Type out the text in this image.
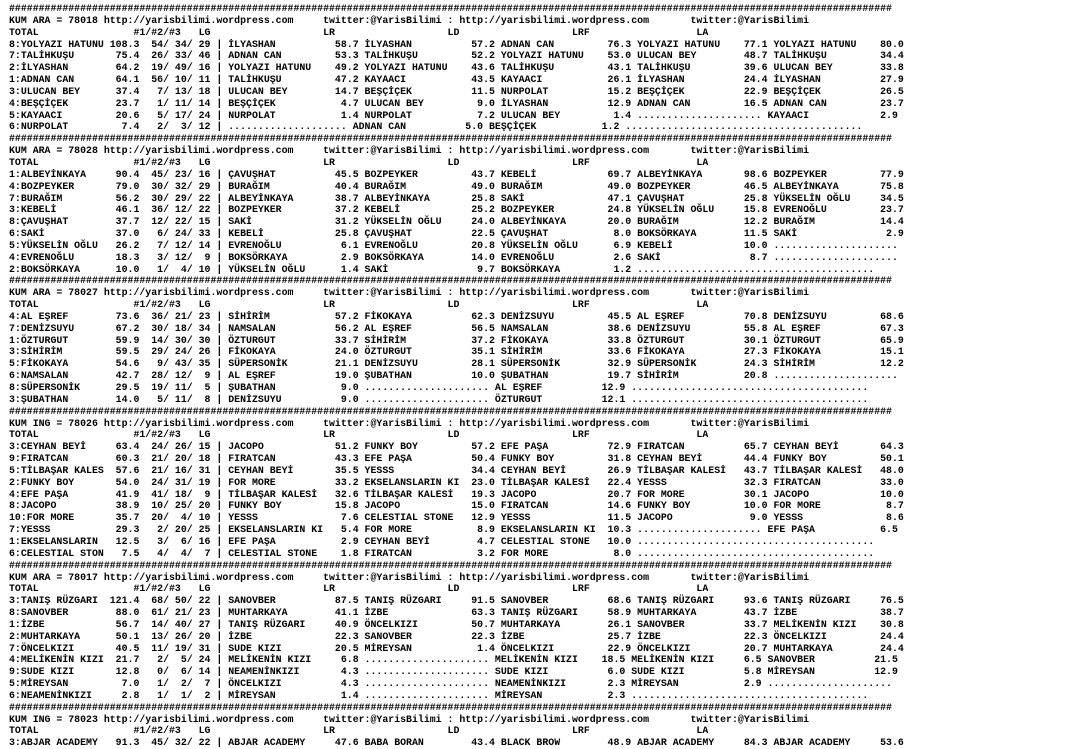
#####################################################################################################################################################
KUM ARA = 78018 http://yarisbilimi.wordpress.com     twitter:@YarisBilimi : http://yarisbilimi.wordpress.com       twitter:@YarisBilimi
TOTAL                #1/#2/#3   LG                   LR                   LD                   LRF                  LA
8:YOLYAZI HATUNU 108.3  54/ 34/ 29 | İLYASHAN          58.7 İLYASHAN          57.2 ADNAN CAN         76.3 YOLYAZI HATUNU    77.1 YOLYAZI HATUNU    80.0
7:TALİHKUŞU       75.4  26/ 33/ 46 | ADNAN CAN         53.3 TALİHKUŞU         52.2 YOLYAZI HATUNU    53.0 ULUCAN BEY        48.7 TALİHKUŞU         34.4
2:İLYASHAN        64.2  19/ 49/ 16 | YOLYAZI HATUNU    49.2 YOLYAZI HATUNU    43.6 TALİHKUŞU         43.1 TALİHKUŞU         39.6 ULUCAN BEY        33.8
1:ADNAN CAN       64.1  56/ 10/ 11 | TALİHKUŞU         47.2 KAYAACI           43.5 KAYAACI           26.1 İLYASHAN          24.4 İLYASHAN          27.9
3:ULUCAN BEY      37.4   7/ 13/ 18 | ULUCAN BEY        14.7 BEŞÇİÇEK          11.5 NURPOLAT          15.2 BEŞÇİÇEK          22.9 BEŞÇİÇEK          26.5
4:BEŞÇİÇEK        23.7   1/ 11/ 14 | BEŞÇİÇEK           4.7 ULUCAN BEY         9.0 İLYASHAN          12.9 ADNAN CAN         16.5 ADNAN CAN         23.7
5:KAYAACI         20.6   5/ 17/ 24 | NURPOLAT           1.4 NURPOLAT           7.2 ULUCAN BEY         1.4 ..................... KAYAACI            2.9
6:NURPOLAT         7.4   2/  3/ 12 | .................... ADNAN CAN          5.0 BEŞÇİÇEK           1.2 ........................................
#####################################################################################################################################################
KUM ARA = 78028 http://yarisbilimi.wordpress.com     twitter:@YarisBilimi : http://yarisbilimi.wordpress.com       twitter:@YarisBilimi
TOTAL                #1/#2/#3   LG                   LR                   LD                   LRF                  LA
1:ALBEYİNKAYA     90.4  45/ 23/ 16 | ÇAVUŞHAT          45.5 BOZPEYKER         43.7 KEBELİ            69.7 ALBEYİNKAYA       98.6 BOZPEYKER         77.9
4:BOZPEYKER       79.0  30/ 32/ 29 | BURAĞIM           40.4 BURAĞIM           49.0 BURAĞIM           49.0 BOZPEYKER         46.5 ALBEYİNKAYA       75.8
7:BURAĞIM         56.2  30/ 29/ 22 | ALBEYİNKAYA       38.7 ALBEYİNKAYA       25.8 SAKİ              47.1 ÇAVUŞHAT          25.8 YÜKSELİN OĞLU     34.5
3:KEBELİ          46.1  36/ 12/ 22 | BOZPEYKER         37.2 KEBELİ            25.2 BOZPEYKER         24.8 YÜKSELİN OĞLU     15.8 EVRENOĞLU         23.7
8:ÇAVUŞHAT        37.7  12/ 22/ 15 | SAKİ              31.2 YÜKSELİN OĞLU     24.0 ALBEYİNKAYA       20.0 BURAĞIM           12.2 BURAĞIM           14.4
6:SAKİ            37.0   6/ 24/ 33 | KEBELİ            25.8 ÇAVUŞHAT          22.5 ÇAVUŞHAT           8.0 BOKSÖRKAYA        11.5 SAKİ               2.9
5:YÜKSELİN OĞLU   26.2   7/ 12/ 14 | EVRENOĞLU          6.1 EVRENOĞLU         20.8 YÜKSELİN OĞLU      6.9 KEBELİ            10.0 .....................
4:EVRENOĞLU       18.3   3/ 12/  9 | BOKSÖRKAYA         2.9 BOKSÖRKAYA        14.0 EVRENOĞLU          2.6 SAKİ               8.7 .....................
2:BOKSÖRKAYA      10.0   1/  4/ 10 | YÜKSELİN OĞLU      1.4 SAKİ               9.7 BOKSÖRKAYA         1.2 ........................................
#####################################################################################################################################################
KUM ARA = 78027 http://yarisbilimi.wordpress.com     twitter:@YarisBilimi : http://yarisbilimi.wordpress.com       twitter:@YarisBilimi
TOTAL                #1/#2/#3   LG                   LR                   LD                   LRF                  LA
4:AL EŞREF        73.6  36/ 21/ 23 | SİHİRİM           57.2 FİKOKAYA          62.3 DENİZSUYU         45.5 AL EŞREF          70.8 DENİZSUYU         68.6
7:DENİZSUYU       67.2  30/ 18/ 34 | NAMSALAN          56.2 AL EŞREF          56.5 NAMSALAN          38.6 DENİZSUYU         55.8 AL EŞREF          67.3
1:ÖZTURGUT        59.9  14/ 30/ 30 | ÖZTURGUT          33.7 SİHİRİM           37.2 FİKOKAYA          33.8 ÖZTURGUT          30.1 ÖZTURGUT          65.9
3:SİHİRİM         59.5  29/ 24/ 26 | FİKOKAYA          24.0 ÖZTURGUT          35.1 SİHİRİM           33.6 FİKOKAYA          27.3 FİKOKAYA          15.1
5:FİKOKAYA        54.6   9/ 43/ 35 | SÜPERSONİK        21.1 DENİZSUYU         28.1 SÜPERSONİK        32.9 SÜPERSONİK        24.3 SİHİRİM           12.2
6:NAMSALAN        42.7  28/ 12/  9 | AL EŞREF          19.0 ŞUBATHAN          10.0 ŞUBATHAN          19.7 SİHİRİM           20.8 .....................
8:SÜPERSONİK      29.5  19/ 11/  5 | ŞUBATHAN           9.0 ..................... AL EŞREF          12.9 ........................................
3:ŞUBATHAN        14.0   5/ 11/  8 | DENİZSUYU          9.0 ..................... ÖZTURGUT          12.1 ........................................
#####################################################################################################################################################
KUM ING = 78026 http://yarisbilimi.wordpress.com     twitter:@YarisBilimi : http://yarisbilimi.wordpress.com       twitter:@YarisBilimi
TOTAL                #1/#2/#3   LG                   LR                   LD                   LRF                  LA
3:CEYHAN BEYİ     63.4  24/ 26/ 15 | JACOPO            51.2 FUNKY BOY         57.2 EFE PAŞA          72.9 FIRATCAN          65.7 CEYHAN BEYİ       64.3
9:FIRATCAN        60.3  21/ 20/ 18 | FIRATCAN          43.3 EFE PAŞA          50.4 FUNKY BOY         31.8 CEYHAN BEYİ       44.4 FUNKY BOY         50.1
5:TİLBAŞAR KALES  57.6  21/ 16/ 31 | CEYHAN BEYİ       35.5 YESSS             34.4 CEYHAN BEYİ       26.9 TİLBAŞAR KALESİ   43.7 TİLBAŞAR KALESİ   48.0
2:FUNKY BOY       54.0  24/ 31/ 19 | FOR MORE          33.2 EKSELANSLARIN KI  23.0 TİLBAŞAR KALESİ   22.4 YESSS             32.3 FIRATCAN          33.0
4:EFE PAŞA        41.9  41/ 18/  9 | TİLBAŞAR KALESİ   32.6 TİLBAŞAR KALESİ   19.3 JACOPO            20.7 FOR MORE          30.1 JACOPO            10.0
8:JACOPO          38.9  10/ 25/ 20 | FUNKY BOY         15.8 JACOPO            15.0 FIRATCAN          14.6 FUNKY BOY         10.0 FOR MORE           8.7
10:FOR MORE       35.7  20/  4/ 10 | YESSS              7.6 CELESTIAL STONE   12.9 YESSS             11.5 JACOPO             9.0 YESSS              8.6
7:YESSS           29.3   2/ 20/ 25 | EKSELANSLARIN KI   5.4 FOR MORE           8.9 EKSELANSLARIN KI  10.3 ..................... EFE PAŞA           6.5
1:EKSELANSLARIN   12.5   3/  6/ 16 | EFE PAŞA           2.9 CEYHAN BEYİ        4.7 CELESTIAL STONE   10.0 ........................................
6:CELESTIAL STON   7.5   4/  4/  7 | CELESTIAL STONE    1.8 FIRATCAN           3.2 FOR MORE           8.0 ........................................
#####################################################################################################################################################
KUM ARA = 78017 http://yarisbilimi.wordpress.com     twitter:@YarisBilimi : http://yarisbilimi.wordpress.com       twitter:@YarisBilimi
TOTAL                #1/#2/#3   LG                   LR                   LD                   LRF                  LA
3:TANIŞ RÜZGARI  121.4  68/ 50/ 22 | SANOVBER          87.5 TANIŞ RÜZGARI     91.5 SANOVBER          68.6 TANIŞ RÜZGARI     93.6 TANIŞ RÜZGARI     76.5
8:SANOVBER        88.0  61/ 21/ 23 | MUHTARKAYA        41.1 İZBE              63.3 TANIŞ RÜZGARI     58.9 MUHTARKAYA        43.7 İZBE              38.7
1:İZBE            56.7  14/ 40/ 27 | TANIŞ RÜZGARI     40.9 ÖNCELKIZI         50.7 MUHTARKAYA        26.1 SANOVBER          33.7 MELİKENİN KIZI    30.8
2:MUHTARKAYA      50.1  13/ 26/ 20 | İZBE              22.3 SANOVBER          22.3 İZBE              25.7 İZBE              22.3 ÖNCELKIZI         24.4
7:ÖNCELKIZI       40.5  11/ 19/ 31 | SUDE KIZI         20.5 MİREYSAN           1.4 ÖNCELKIZI         22.9 ÖNCELKIZI         20.7 MUHTARKAYA        24.4
4:MELİKENİN KIZI  21.7   2/  5/ 24 | MELİKENİN KIZI     6.8 ..................... MELİKENİN KIZI    18.5 MELİKENİN KIZI     6.5 SANOVBER          21.5
9:SUDE KIZI       12.8   0/  6/ 14 | NEAMENİNKIZI       4.3 ..................... SUDE KIZI          6.0 SUDE KIZI          5.8 MİREYSAN          12.9
5:MİREYSAN         7.0   1/  2/  7 | ÖNCELKIZI          4.3 ..................... NEAMENİNKIZI       2.3 MİREYSAN           2.9 .....................
6:NEAMENİNKIZI     2.8   1/  1/  2 | MİREYSAN           1.4 ..................... MİREYSAN           2.3 ........................................
#####################################################################################################################################################
KUM ING = 78023 http://yarisbilimi.wordpress.com     twitter:@YarisBilimi : http://yarisbilimi.wordpress.com       twitter:@YarisBilimi
TOTAL                #1/#2/#3   LG                   LR                   LD                   LRF                  LA
3:ABJAR ACADEMY   91.3  45/ 32/ 22 | ABJAR ACADEMY     47.6 BABA BORAN        43.4 BLACK BROW        48.9 ABJAR ACADEMY     84.3 ABJAR ACADEMY     53.6
